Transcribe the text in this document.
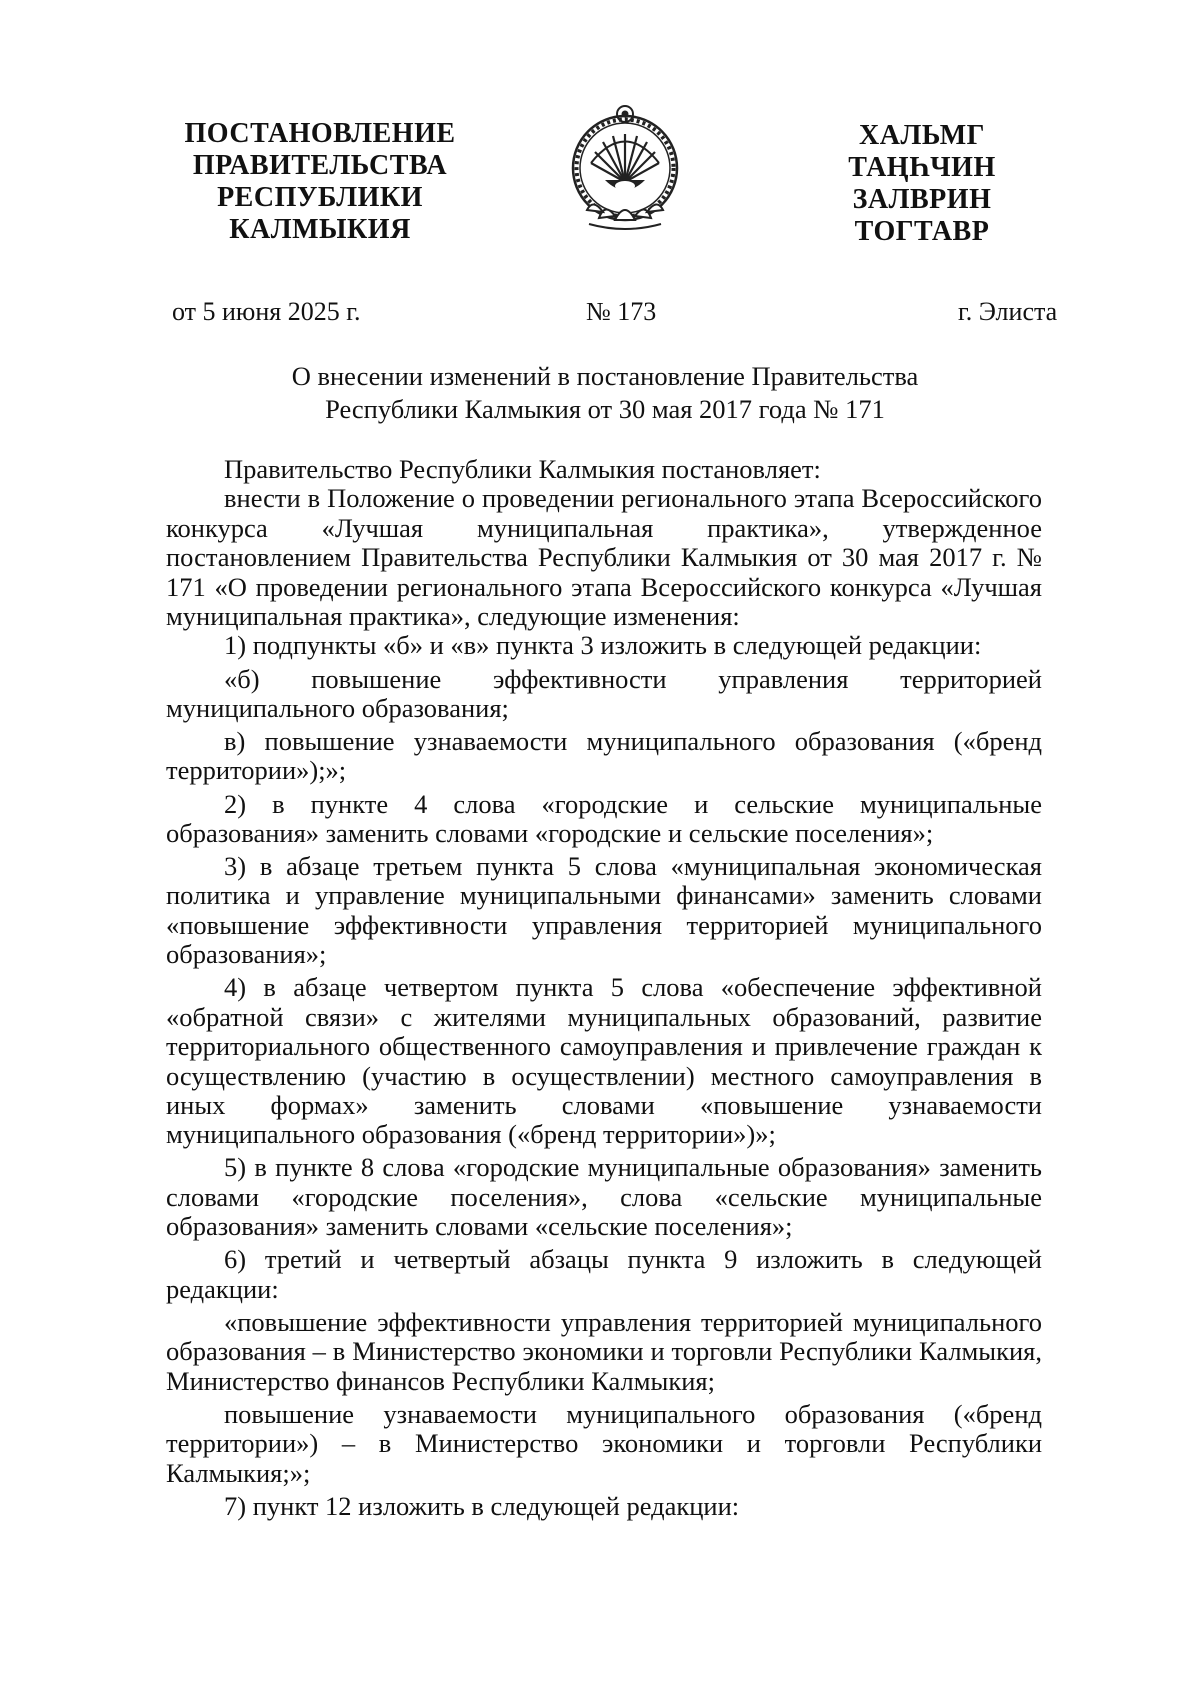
ПОСТАНОВЛЕНИЕ
ПРАВИТЕЛЬСТВА
РЕСПУБЛИКИ
КАЛМЫКИЯ
ХАЛЬМГ
ТАҢҺЧИН
ЗАЛВРИН
ТОГТАВР
от 5 июня 2025 г.	№ 173	г. Элиста
О внесении изменений в постановление Правительства
Республики Калмыкия от 30 мая 2017 года № 171

Правительство Республики Калмыкия постановляет:

внести в Положение о проведении регионального этапа Всероссийского конкурса «Лучшая муниципальная практика», утвержденное постановлением Правительства Республики Калмыкия от 30 мая 2017 г. № 171 «О проведении регионального этапа Всероссийского конкурса «Лучшая муниципальная практика», следующие изменения:

1) подпункты «б» и «в» пункта 3 изложить в следующей редакции:

«б) повышение эффективности управления территорией муниципального образования;

в) повышение узнаваемости муниципального образования («бренд территории»);»;

2) в пункте 4 слова «городские и сельские муниципальные образования» заменить словами «городские и сельские поселения»;

3) в абзаце третьем пункта 5 слова «муниципальная экономическая политика и управление муниципальными финансами» заменить словами «повышение эффективности управления территорией муниципального образования»;

4) в абзаце четвертом пункта 5 слова «обеспечение эффективной «обратной связи» с жителями муниципальных образований, развитие территориального общественного самоуправления и привлечение граждан к осуществлению (участию в осуществлении) местного самоуправления в иных формах» заменить словами «повышение узнаваемости муниципального образования («бренд территории»)»;

5) в пункте 8 слова «городские муниципальные образования» заменить словами «городские поселения», слова «сельские муниципальные образования» заменить словами «сельские поселения»;

6) третий и четвертый абзацы пункта 9 изложить в следующей редакции:

«повышение эффективности управления территорией муниципального образования – в Министерство экономики и торговли Республики Калмыкия, Министерство финансов Республики Калмыкия;

повышение узнаваемости муниципального образования («бренд территории») – в Министерство экономики и торговли Республики Калмыкия;»;

7) пункт 12 изложить в следующей редакции:
